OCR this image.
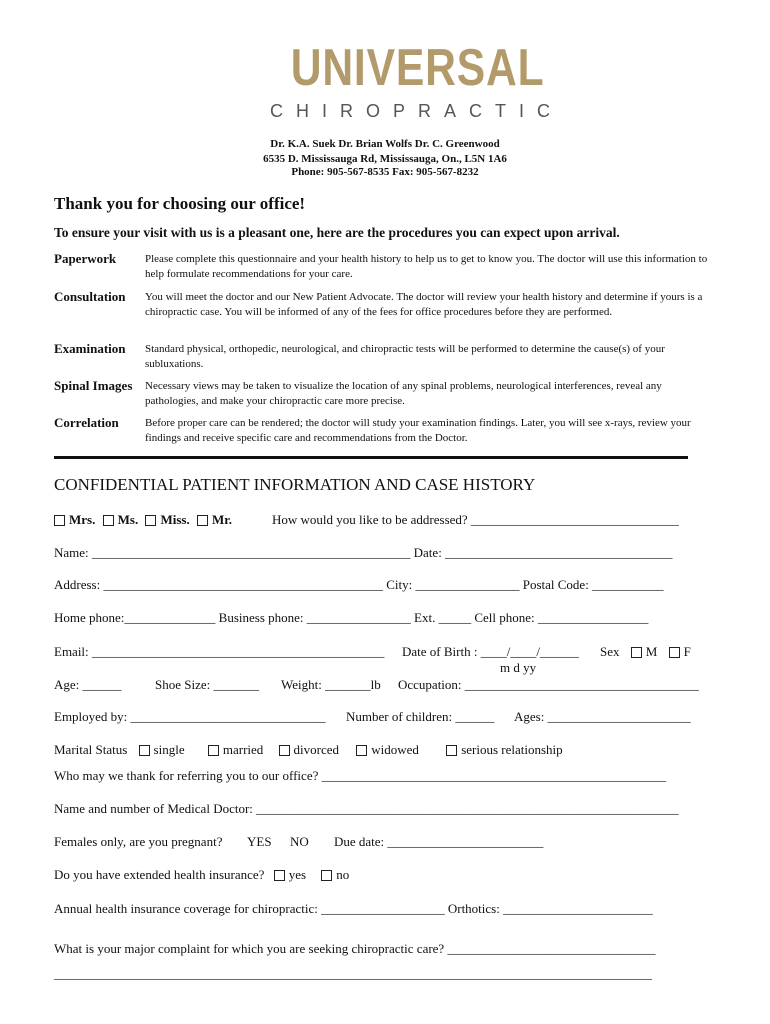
UNIVERSAL
CHIROPRACTIC
Dr. K.A. Suek Dr. Brian Wolfs Dr. C. Greenwood
6535 D. Mississauga Rd, Mississauga, On., L5N 1A6
Phone: 905-567-8535 Fax: 905-567-8232
Thank you for choosing our office!
To ensure your visit with us is a pleasant one, here are the procedures you can expect upon arrival.
Paperwork	Please complete this questionnaire and your health history to help us to get to know you. The doctor will use this information to help formulate recommendations for your care.
Consultation You will meet the doctor and our New Patient Advocate. The doctor will review your health history and determine if yours is a chiropractic case. You will be informed of any of the fees for office procedures before they are performed.
Examination Standard physical, orthopedic, neurological, and chiropractic tests will be performed to determine the cause(s) of your subluxations.
Spinal Images Necessary views may be taken to visualize the location of any spinal problems, neurological interferences, reveal any pathologies, and make your chiropractic care more precise.
Correlation Before proper care can be rendered; the doctor will study your examination findings. Later, you will see x-rays, review your findings and receive specific care and recommendations from the Doctor.
CONFIDENTIAL PATIENT INFORMATION AND CASE HISTORY
Mrs. Ms. Miss. Mr.	How would you like to be addressed? ________________________________
Name: _________________________________________________ Date: ___________________________________
Address: ___________________________________________ City: ________________ Postal Code: ___________
Home phone:______________ Business phone: ________________ Ext. _____ Cell phone: _________________
Email: _____________________________________________ Date of Birth : ____/____/______
m d yy
Sex M F
Age: ______	Shoe Size: _______ Weight: _______lb Occupation: ____________________________________
Employed by: ______________________________ Number of children: ______ Ages: ______________________
Marital Status single	married divorced widowed	serious relationship
Who may we thank for referring you to our office? _____________________________________________________
Name and number of Medical Doctor: _________________________________________________________________
Females only, are you pregnant? YES NO Due date: ________________________
Do you have extended health insurance? yes no
Annual health insurance coverage for chiropractic: ___________________ Orthotics: _______________________
What is your major complaint for which you are seeking chiropractic care? ________________________________
____________________________________________________________________________________________
